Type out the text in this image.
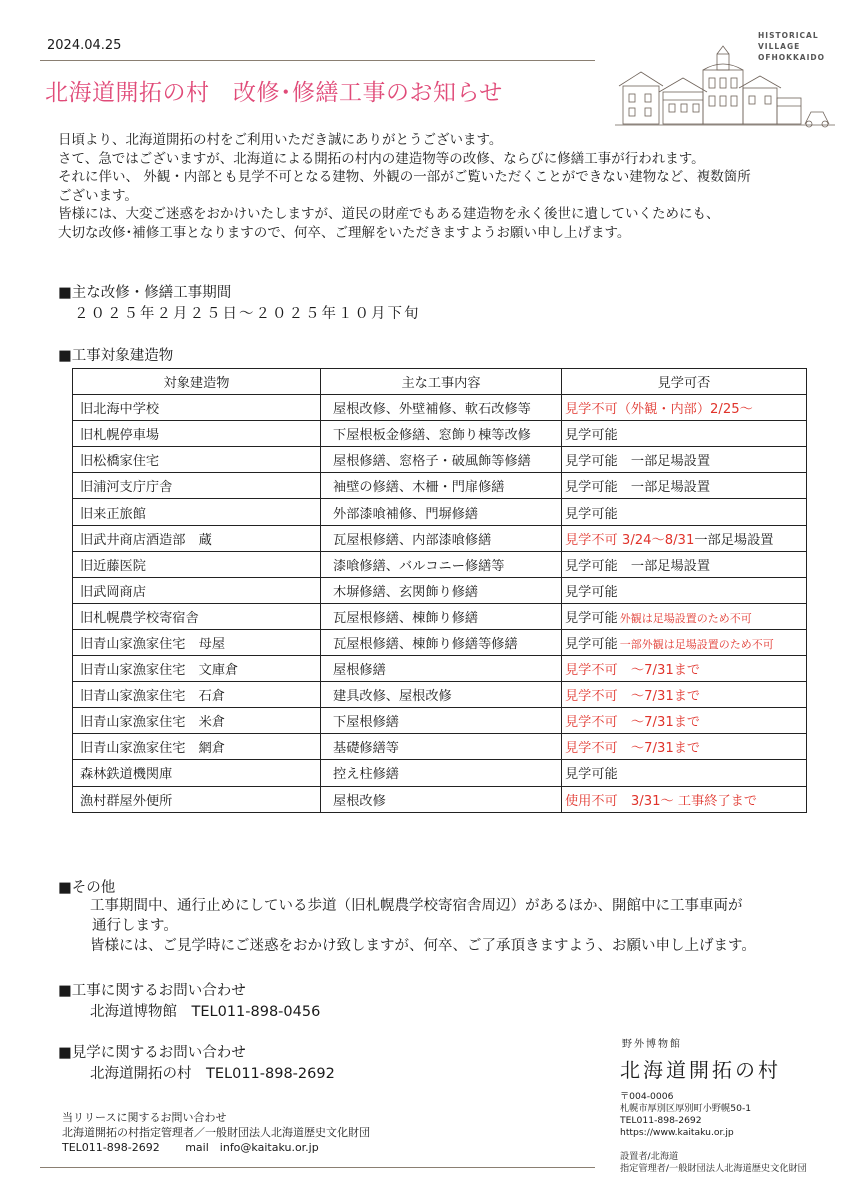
2024.04.25
北海道開拓の村　改修･修繕工事のお知らせ
HISTORICAL
VILLAGE
OFHOKKAIDO
日頃より、北海道開拓の村をご利用いただき誠にありがとうございます。
さて、急ではございますが、北海道による開拓の村内の建造物等の改修、ならびに修繕工事が行われます。
それに伴い、 外観・内部とも見学不可となる建物、外観の一部がご覧いただくことができない建物など、複数箇所
ございます。
皆様には、大変ご迷惑をおかけいたしますが、道民の財産でもある建造物を永く後世に遺していくためにも、
大切な改修･補修工事となりますので、何卒、ご理解をいただきますようお願い申し上げます。
■主な改修・修繕工事期間
２０２５年２月２５日～２０２５年１０月下旬
■工事対象建造物
対象建造物	主な工事内容	見学可否
旧北海中学校	屋根改修、外壁補修、軟石改修等	見学不可（外観・内部）2/25～
旧札幌停車場	下屋根板金修繕、窓飾り棟等改修	見学可能
旧松橋家住宅	屋根修繕、窓格子・破風飾等修繕	見学可能　一部足場設置
旧浦河支庁庁舎	袖壁の修繕、木柵・門扉修繕	見学可能　一部足場設置
旧来正旅館	外部漆喰補修、門塀修繕	見学可能
旧武井商店酒造部　蔵	瓦屋根修繕、内部漆喰修繕	見学不可 3/24～8/31一部足場設置
旧近藤医院	漆喰修繕、バルコニー修繕等	見学可能　一部足場設置
旧武岡商店	木塀修繕、玄関飾り修繕	見学可能
旧札幌農学校寄宿舎	瓦屋根修繕、棟飾り修繕	見学可能 外観は足場設置のため不可
旧青山家漁家住宅　母屋	瓦屋根修繕、棟飾り修繕等修繕	見学可能 一部外観は足場設置のため不可
旧青山家漁家住宅　文庫倉	屋根修繕	見学不可　～7/31まで
旧青山家漁家住宅　石倉	建具改修、屋根改修	見学不可　～7/31まで
旧青山家漁家住宅　米倉	下屋根修繕	見学不可　～7/31まで
旧青山家漁家住宅　網倉	基礎修繕等	見学不可　～7/31まで
森林鉄道機関庫	控え柱修繕	見学可能
漁村群屋外便所	屋根改修	使用不可　3/31～ 工事終了まで
■その他
工事期間中、通行止めにしている歩道（旧札幌農学校寄宿舎周辺）があるほか、開館中に工事車両が
通行します。
皆様には、ご見学時にご迷惑をおかけ致しますが、何卒、ご了承頂きますよう、お願い申し上げます。
■工事に関するお問い合わせ
北海道博物館　TEL011-898-0456
■見学に関するお問い合わせ
北海道開拓の村　TEL011-898-2692
当リリースに関するお問い合わせ
北海道開拓の村指定管理者／一般財団法人北海道歴史文化財団
TEL011-898-2692　　 mail　info@kaitaku.or.jp
野外博物館
北海道開拓の村
〒004-0006
札幌市厚別区厚別町小野幌50-1
TEL011-898-2692
https://www.kaitaku.or.jp
設置者/北海道
指定管理者/一般財団法人北海道歴史文化財団
